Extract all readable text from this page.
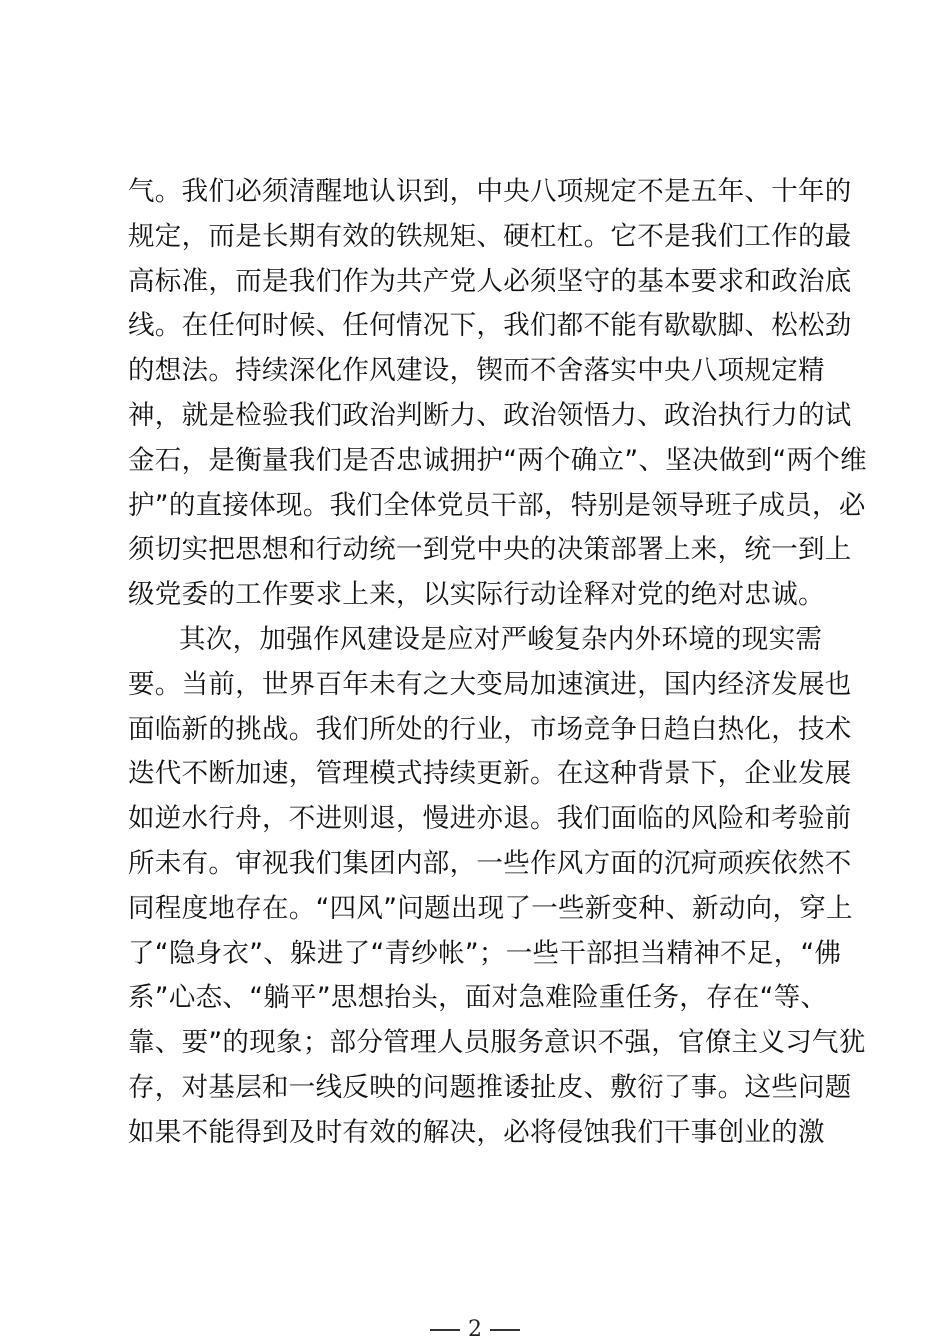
气。我们必须清醒地认识到，中央八项规定不是五年、十年的
规定，而是长期有效的铁规矩、硬杠杠。它不是我们工作的最
高标准，而是我们作为共产党人必须坚守的基本要求和政治底
线。在任何时候、任何情况下，我们都不能有歇歇脚、松松劲
的想法。持续深化作风建设，锲而不舍落实中央八项规定精
神，就是检验我们政治判断力、政治领悟力、政治执行力的试
金石，是衡量我们是否忠诚拥护“两个确立”、坚决做到“两个维
护”的直接体现。我们全体党员干部，特别是领导班子成员，必
须切实把思想和行动统一到党中央的决策部署上来，统一到上
级党委的工作要求上来，以实际行动诠释对党的绝对忠诚。
其次，加强作风建设是应对严峻复杂内外环境的现实需
要。当前，世界百年未有之大变局加速演进，国内经济发展也
面临新的挑战。我们所处的行业，市场竞争日趋白热化，技术
迭代不断加速，管理模式持续更新。在这种背景下，企业发展
如逆水行舟，不进则退，慢进亦退。我们面临的风险和考验前
所未有。审视我们集团内部，一些作风方面的沉疴顽疾依然不
同程度地存在。“四风”问题出现了一些新变种、新动向，穿上
了“隐身衣”、躲进了“青纱帐”；一些干部担当精神不足，“佛
系”心态、“躺平”思想抬头，面对急难险重任务，存在“等、
靠、要”的现象；部分管理人员服务意识不强，官僚主义习气犹
存，对基层和一线反映的问题推诿扯皮、敷衍了事。这些问题
如果不能得到及时有效的解决，必将侵蚀我们干事创业的激
2
